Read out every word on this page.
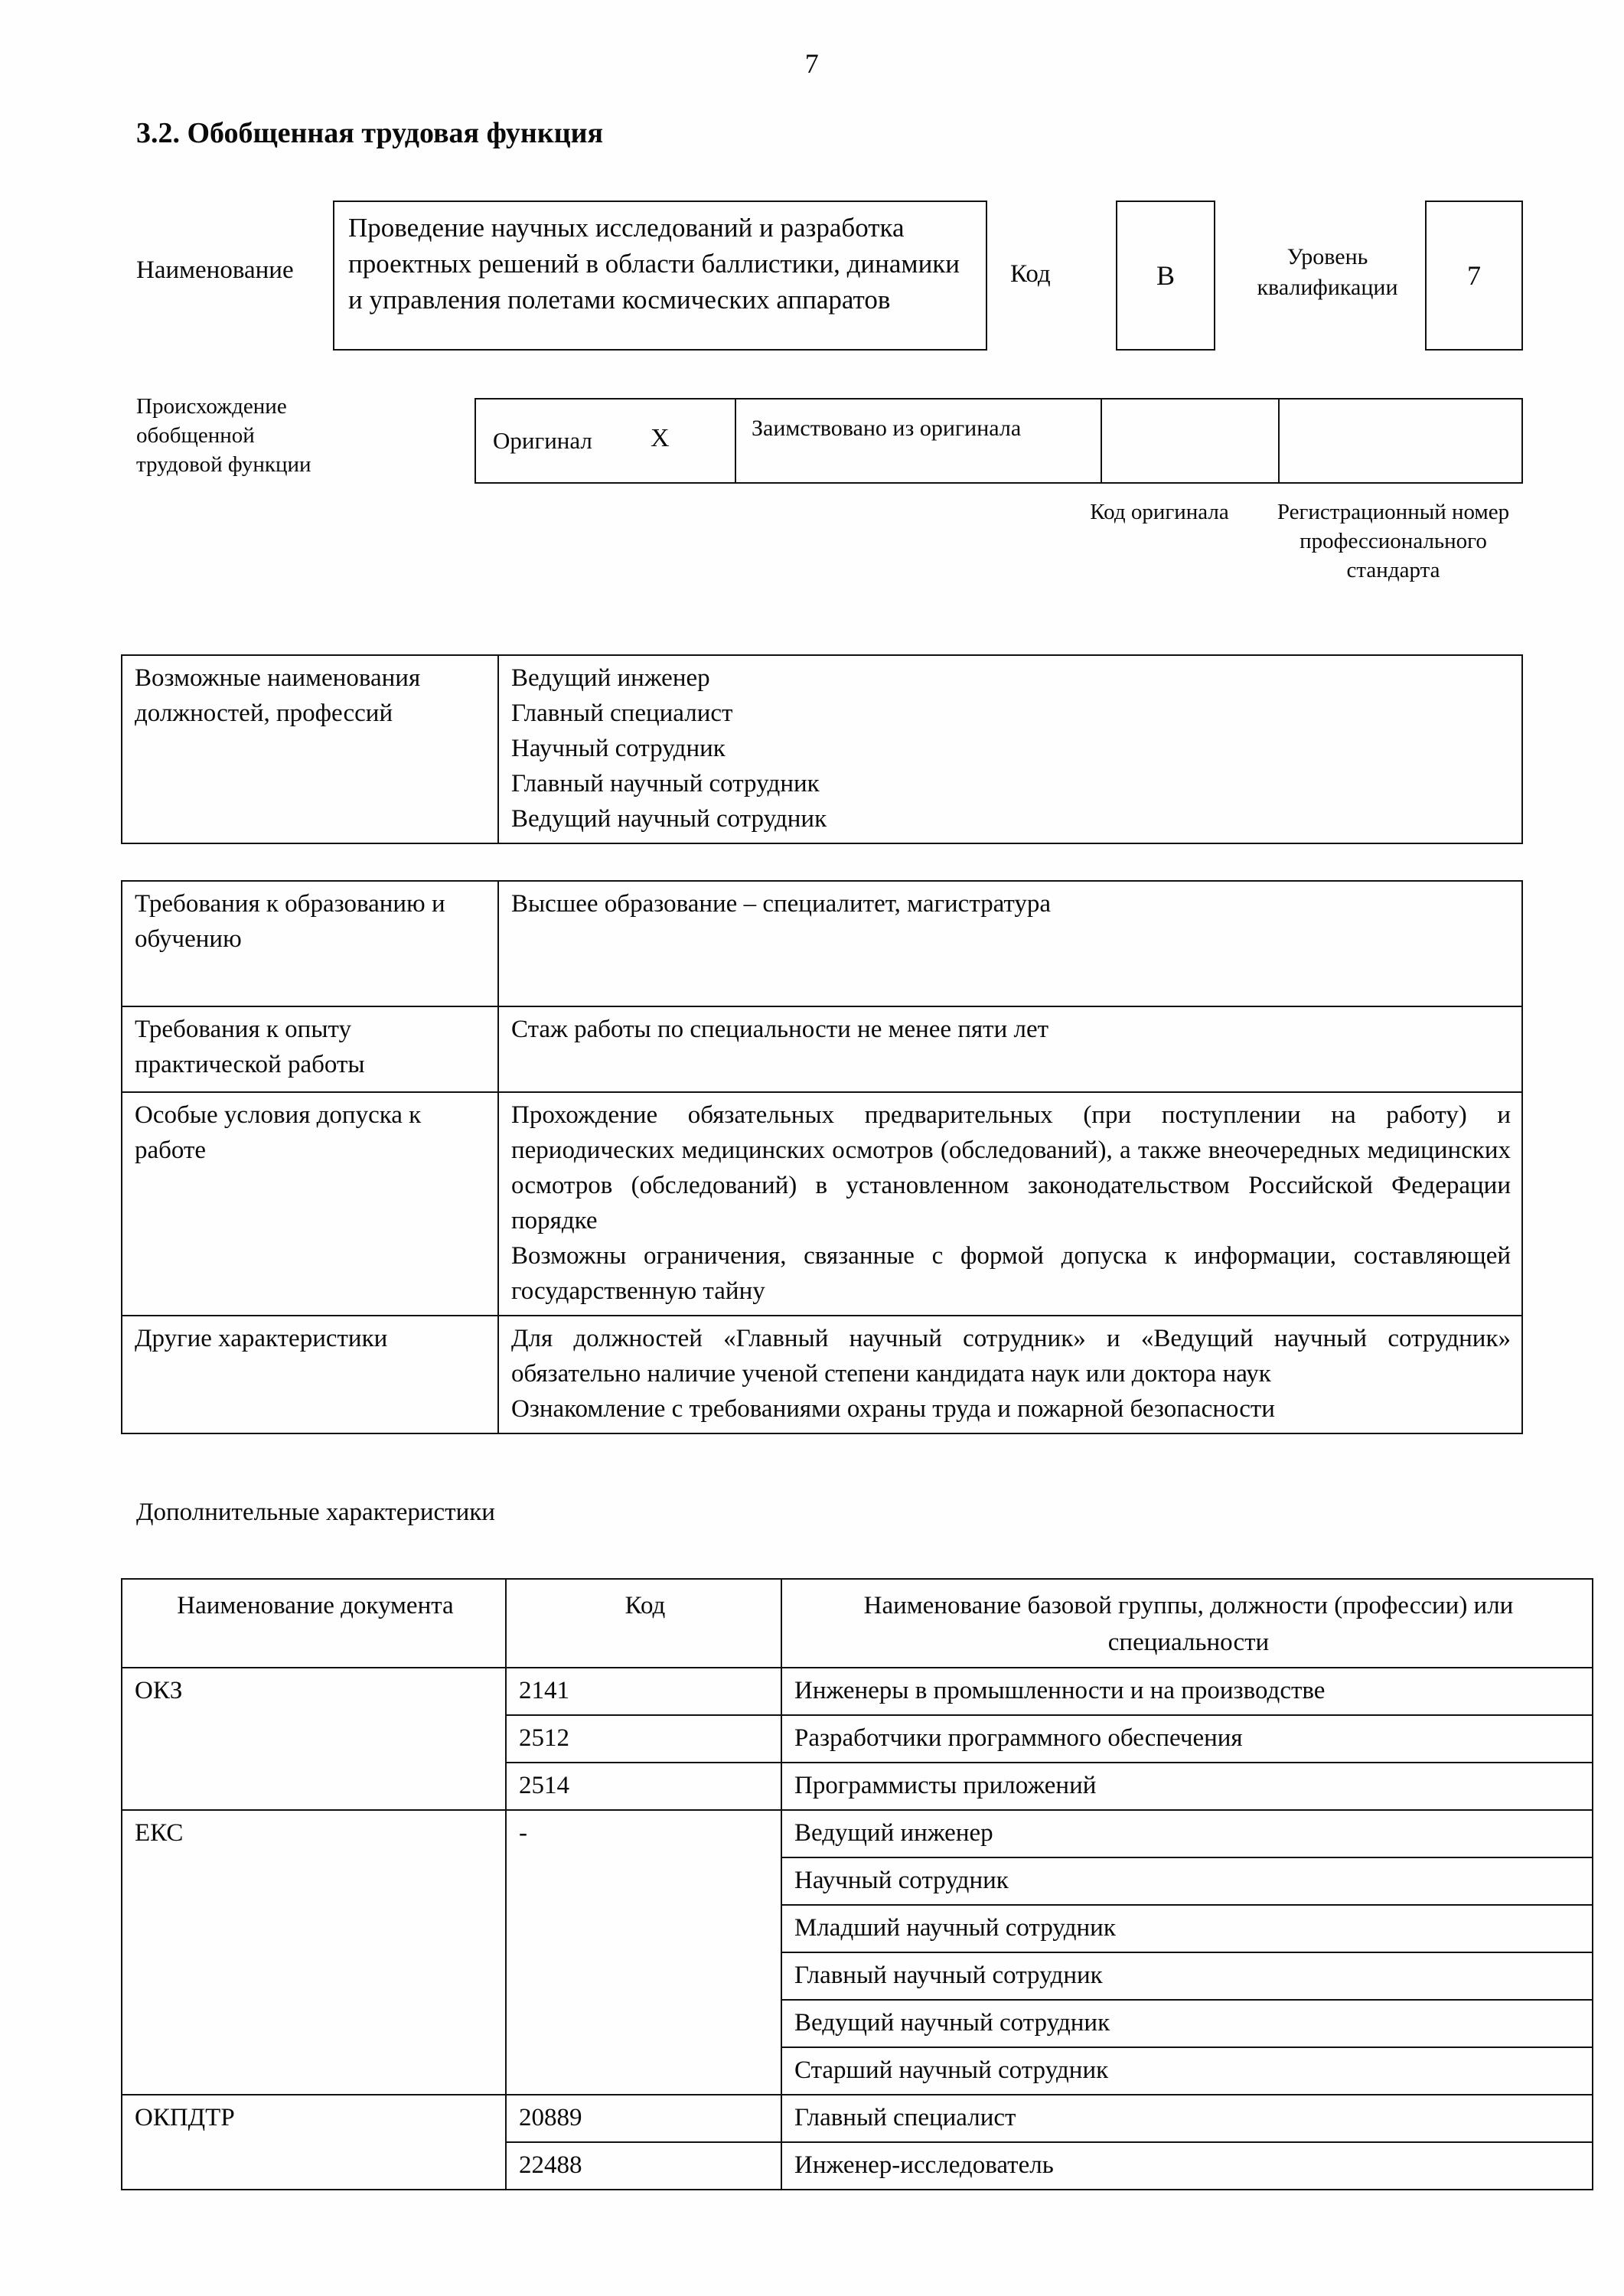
7
3.2. Обобщенная трудовая функция
Наименование
Проведение научных исследований и разработка проектных решений в области баллистики, динамики и управления полетами космических аппаратов
Код	B
Уровень квалификации	7
Происхождение обобщенной трудовой функции
Оригинал X	Заимствовано из оригинала
Код оригинала	Регистрационный номер профессионального стандарта
Возможные наименования должностей, профессий	
Ведущий инженер
Главный специалист
Научный сотрудник
Главный научный сотрудник
Ведущий научный сотрудник
Требования к образованию и обучению	Высшее образование – специалитет, магистратура
Требования к опыту практической работы	Стаж работы по специальности не менее пяти лет
Особые условия допуска к работе	Прохождение обязательных предварительных (при поступлении на работу) и периодических медицинских осмотров (обследований), а также внеочередных медицинских осмотров (обследований) в установленном законодательством Российской Федерации порядке

Возможны ограничения, связанные с формой допуска к информации, составляющей государственную тайну

Другие характеристики	Для должностей «Главный научный сотрудник» и «Ведущий научный сотрудник» обязательно наличие ученой степени кандидата наук или доктора наук

Ознакомление с требованиями охраны труда и пожарной безопасности

Дополнительные характеристики
Наименование документа	Код	Наименование базовой группы, должности (профессии) или специальности
ОКЗ	2141	Инженеры в промышленности и на производстве
	2512	Разработчики программного обеспечения
	2514	Программисты приложений
ЕКС	-	Ведущий инженер
		Научный сотрудник
		Младший научный сотрудник
		Главный научный сотрудник
		Ведущий научный сотрудник
		Старший научный сотрудник
ОКПДТР	20889	Главный специалист
	22488	Инженер-исследователь
